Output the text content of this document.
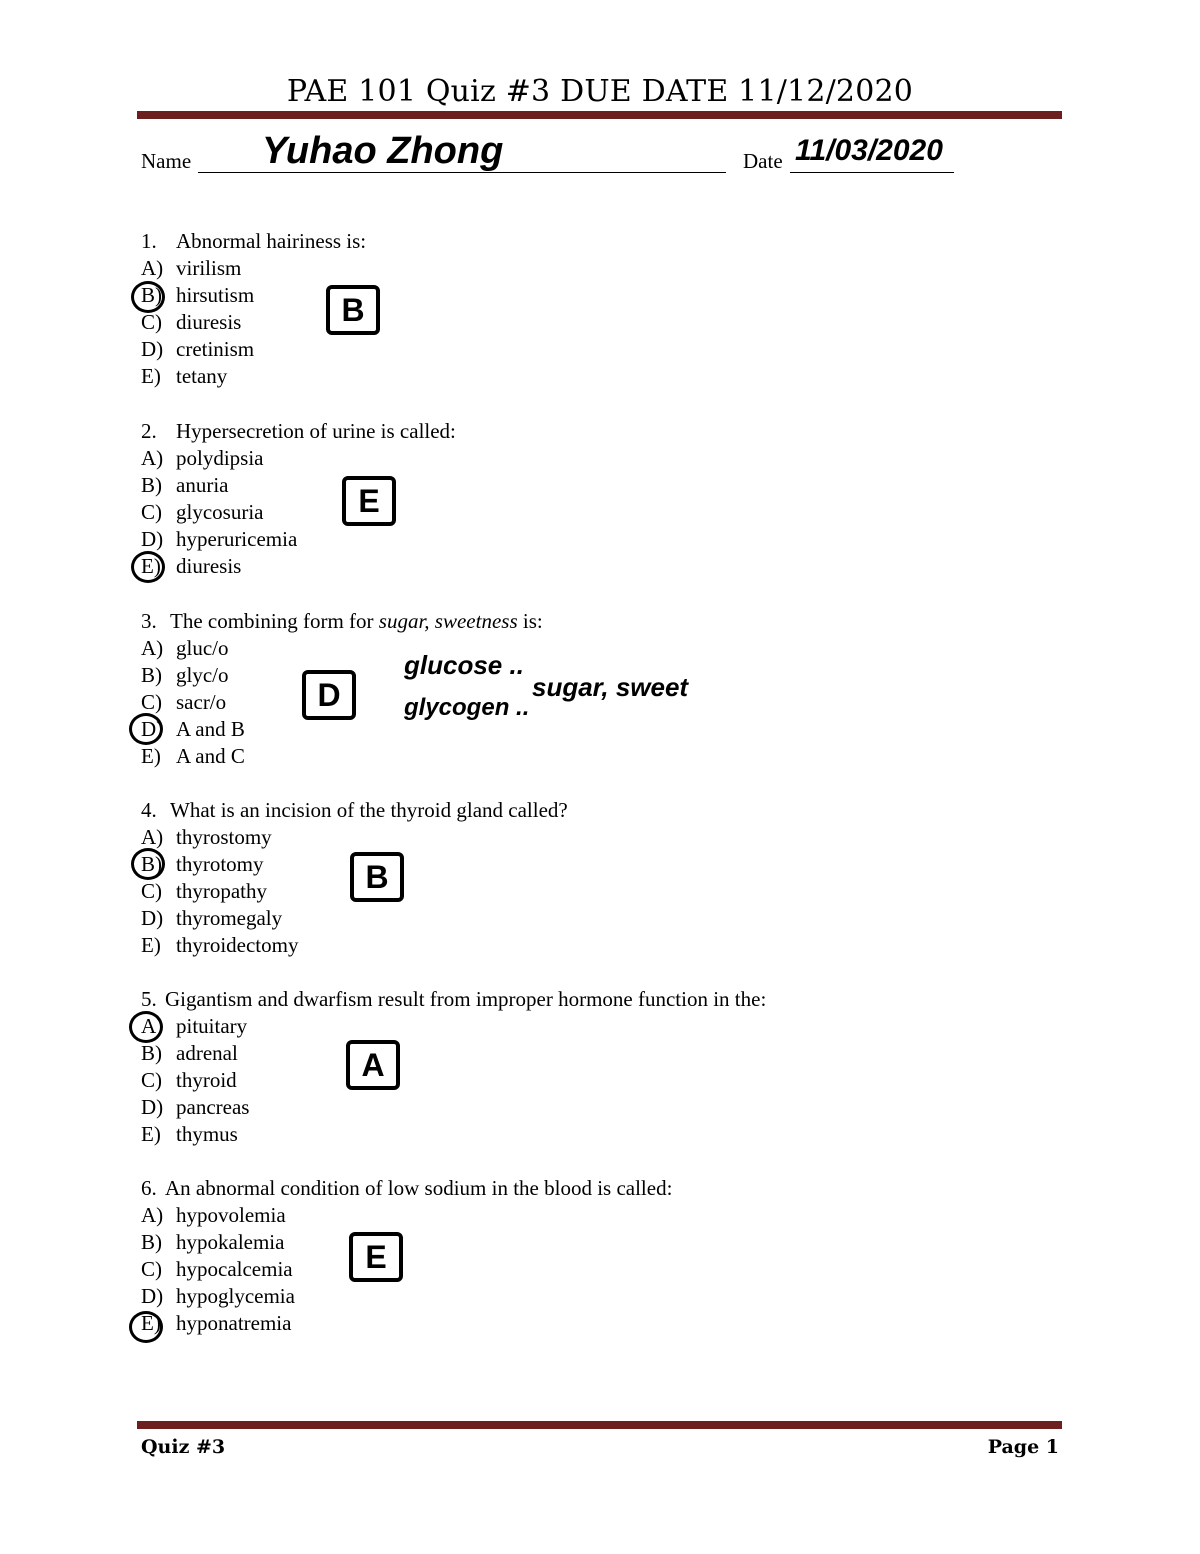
PAE 101 Quiz #3 DUE DATE 11/12/2020
Name Yuhao Zhong	Date 11/03/2020
1. Abnormal hairiness is:
A) virilism
B) hirsutism
C) diuresis
D) cretinism
E) tetany
B
2. Hypersecretion of urine is called:
A) polydipsia
B) anuria
C) glycosuria
D) hyperuricemia
E) diuresis
E
3. The combining form for sugar, sweetness is:
A) gluc/o
B) glyc/o
C) sacr/o
D) A and B
E) A and C
D
glucose ..
glycogen ..
sugar, sweet
4. What is an incision of the thyroid gland called?
A) thyrostomy
B) thyrotomy
C) thyropathy
D) thyromegaly
E) thyroidectomy
B
5. Gigantism and dwarfism result from improper hormone function in the:
A) pituitary
B) adrenal
C) thyroid
D) pancreas
E) thymus
A
6. An abnormal condition of low sodium in the blood is called:
A) hypovolemia
B) hypokalemia
C) hypocalcemia
D) hypoglycemia
E) hyponatremia
E
Quiz #3	Page 1
